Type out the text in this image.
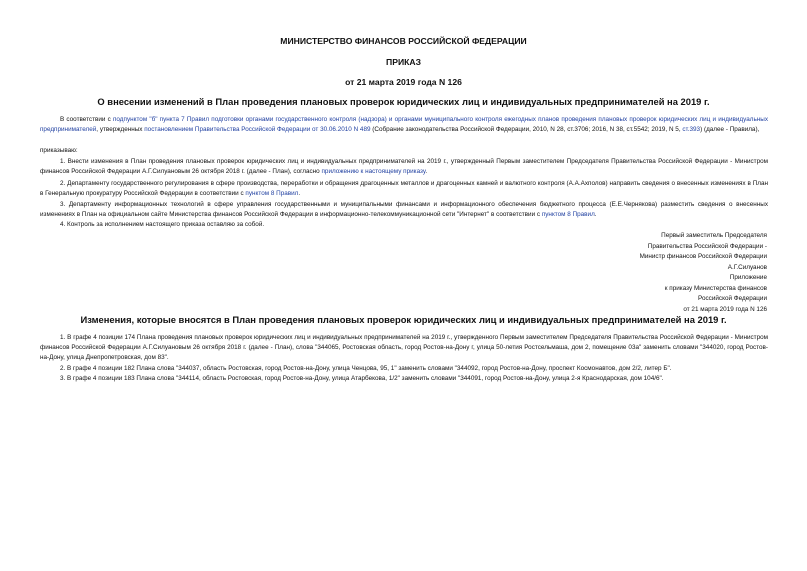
МИНИСТЕРСТВО ФИНАНСОВ РОССИЙСКОЙ ФЕДЕРАЦИИ
ПРИКАЗ
от 21 марта 2019 года N 126
О внесении изменений в План проведения плановых проверок юридических лиц и индивидуальных предпринимателей на 2019 г.
В соответствии с подпунктом "б" пункта 7 Правил подготовки органами государственного контроля (надзора) и органами муниципального контроля ежегодных планов проведения плановых проверок юридических лиц и индивидуальных предпринимателей, утвержденных постановлением Правительства Российской Федерации от 30.06.2010 N 489 (Собрание законодательства Российской Федерации, 2010, N 28, ст.3706; 2016, N 38, ст.5542; 2019, N 5, ст.393) (далее - Правила),
приказываю:
1. Внести изменения в План проведения плановых проверок юридических лиц и индивидуальных предпринимателей на 2019 г., утвержденный Первым заместителем Председателя Правительства Российской Федерации - Министром финансов Российской Федерации А.Г.Силуановым 26 октября 2018 г. (далее - План), согласно приложению к настоящему приказу.
2. Департаменту государственного регулирования в сфере производства, переработки и обращения драгоценных металлов и драгоценных камней и валютного контроля (А.А.Ахполов) направить сведения о внесенных изменениях в План в Генеральную прокуратуру Российской Федерации в соответствии с пунктом 8 Правил.
3. Департаменту информационных технологий в сфере управления государственными и муниципальными финансами и информационного обеспечения бюджетного процесса (Е.Е.Чернякова) разместить сведения о внесенных изменениях в План на официальном сайте Министерства финансов Российской Федерации в информационно-телекоммуникационной сети "Интернет" в соответствии с пунктом 8 Правил.
4. Контроль за исполнением настоящего приказа оставляю за собой.
Первый заместитель Председателя
Правительства Российской Федерации -
Министр финансов Российской Федерации
А.Г.Силуанов
Приложение
к приказу Министерства финансов
Российской Федерации
от 21 марта 2019 года N 126
Изменения, которые вносятся в План проведения плановых проверок юридических лиц и индивидуальных предпринимателей на 2019 г.
1. В графе 4 позиции 174 Плана проведения плановых проверок юридических лиц и индивидуальных предпринимателей на 2019 г., утвержденного Первым заместителем Председателя Правительства Российской Федерации - Министром финансов Российской Федерации А.Г.Силуановым 26 октября 2018 г. (далее - План), слова "344065, Ростовская область, город Ростов-на-Дону г, улица 50-летия Ростсельмаша, дом 2, помещение 03а" заменить словами "344020, город Ростов-на-Дону, улица Днепропетровская, дом 83".
2. В графе 4 позиции 182 Плана слова "344037, область Ростовская, город Ростов-на-Дону, улица Ченцова, 95, 1" заменить словами "344092, город Ростов-на-Дону, проспект Космонавтов, дом 2/2, литер Б".
3. В графе 4 позиции 183 Плана слова "344114, область Ростовская, город Ростов-на-Дону, улица Атарбекова, 1/2" заменить словами "344091, город Ростов-на-Дону, улица 2-я Краснодарская, дом 104/6".
